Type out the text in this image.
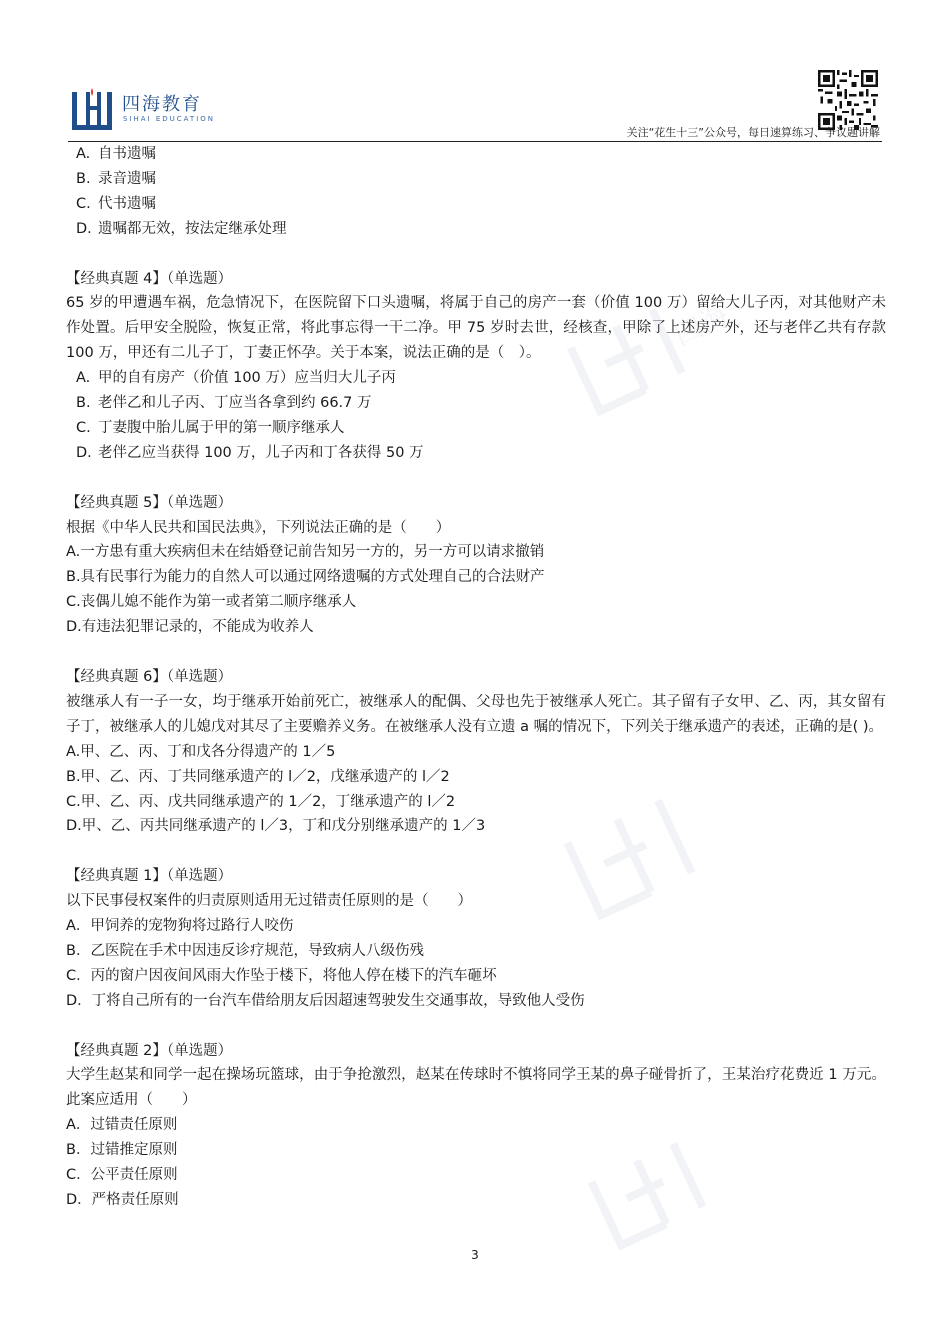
四海
四海教育
SIHAI EDUCATION
关注“花生十三”公众号，每日速算练习、争议题讲解
A. 自书遗嘱
B. 录音遗嘱
C. 代书遗嘱
D. 遗嘱都无效，按法定继承处理
【经典真题 4】（单选题）
65 岁的甲遭遇车祸，危急情况下，在医院留下口头遗嘱，将属于自己的房产一套（价值 100 万）留给大儿子丙，对其他财产未作处置。后甲安全脱险，恢复正常，将此事忘得一干二净。甲 75 岁时去世，经核查，甲除了上述房产外，还与老伴乙共有存款 100 万，甲还有二儿子丁，丁妻正怀孕。关于本案，说法正确的是（　）。
A. 甲的自有房产（价值 100 万）应当归大儿子丙
B. 老伴乙和儿子丙、丁应当各拿到约 66.7 万
C. 丁妻腹中胎儿属于甲的第一顺序继承人
D. 老伴乙应当获得 100 万，儿子丙和丁各获得 50 万
【经典真题 5】（单选题）
根据《中华人民共和国民法典》，下列说法正确的是（　　）
A.一方患有重大疾病但未在结婚登记前告知另一方的，另一方可以请求撤销
B.具有民事行为能力的自然人可以通过网络遗嘱的方式处理自己的合法财产
C.丧偶儿媳不能作为第一或者第二顺序继承人
D.有违法犯罪记录的，不能成为收养人
【经典真题 6】（单选题）
被继承人有一子一女，均于继承开始前死亡，被继承人的配偶、父母也先于被继承人死亡。其子留有子女甲、乙、丙，其女留有子丁，被继承人的儿媳戊对其尽了主要赡养义务。在被继承人没有立遗 a 嘱的情况下，下列关于继承遗产的表述，正确的是( )。
A.甲、乙、丙、丁和戊各分得遗产的 1／5
B.甲、乙、丙、丁共同继承遗产的 l／2，戊继承遗产的 l／2
C.甲、乙、丙、戊共同继承遗产的 1／2，丁继承遗产的 l／2
D.甲、乙、丙共同继承遗产的 l／3，丁和戊分别继承遗产的 1／3
【经典真题 1】（单选题）
以下民事侵权案件的归责原则适用无过错责任原则的是（　　）
A．甲饲养的宠物狗将过路行人咬伤
B．乙医院在手术中因违反诊疗规范，导致病人八级伤残
C．丙的窗户因夜间风雨大作坠于楼下，将他人停在楼下的汽车砸坏
D．丁将自己所有的一台汽车借给朋友后因超速驾驶发生交通事故，导致他人受伤
【经典真题 2】（单选题）
大学生赵某和同学一起在操场玩篮球，由于争抢激烈，赵某在传球时不慎将同学王某的鼻子碰骨折了，王某治疗花费近 1 万元。此案应适用（　　）
A．过错责任原则
B．过错推定原则
C．公平责任原则
D．严格责任原则
3
